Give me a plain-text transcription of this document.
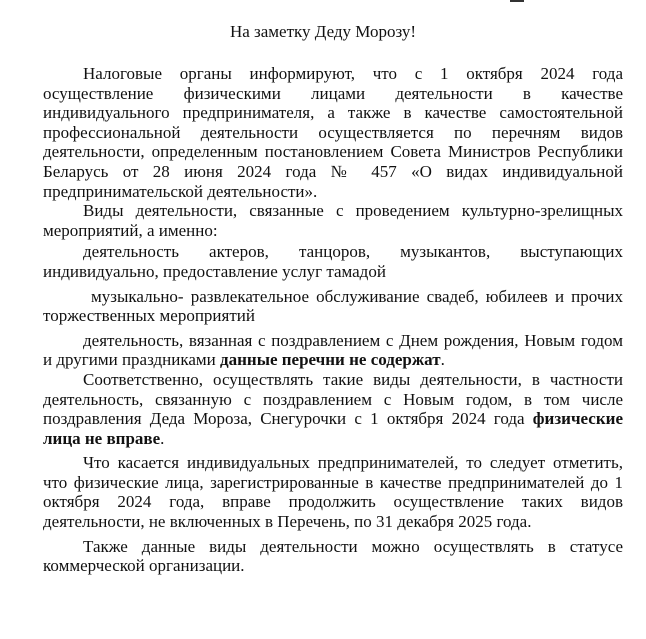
На заметку Деду Морозу!

Налоговые органы информируют, что с 1 октября 2024 года осуществление физическими лицами деятельности в качестве индивидуального предпринимателя, а также в качестве самостоятельной профессиональной деятельности осуществляется по перечням видов деятельности, определенным постановлением Совета Министров Республики Беларусь от 28 июня 2024 года № 457 «О видах индивидуальной предпринимательской деятельности».

Виды деятельности, связанные с проведением культурно-зрелищных мероприятий, а именно:

деятельность актеров, танцоров, музыкантов, выступающих индивидуально, предоставление услуг тамадой

музыкально- развлекательное обслуживание свадеб, юбилеев и прочих торжественных мероприятий

деятельность, вязанная с поздравлением с Днем рождения, Новым годом и другими праздниками данные перечни не содержат.

Соответственно, осуществлять такие виды деятельности, в частности деятельность, связанную с поздравлением с Новым годом, в том числе поздравления Деда Мороза, Снегурочки с 1 октября 2024 года физические лица не вправе.

Что касается индивидуальных предпринимателей, то следует отметить, что физические лица, зарегистрированные в качестве предпринимателей до 1 октября 2024 года, вправе продолжить осуществление таких видов деятельности, не включенных в Перечень, по 31 декабря 2025 года.

Также данные виды деятельности можно осуществлять в статусе коммерческой организации.
